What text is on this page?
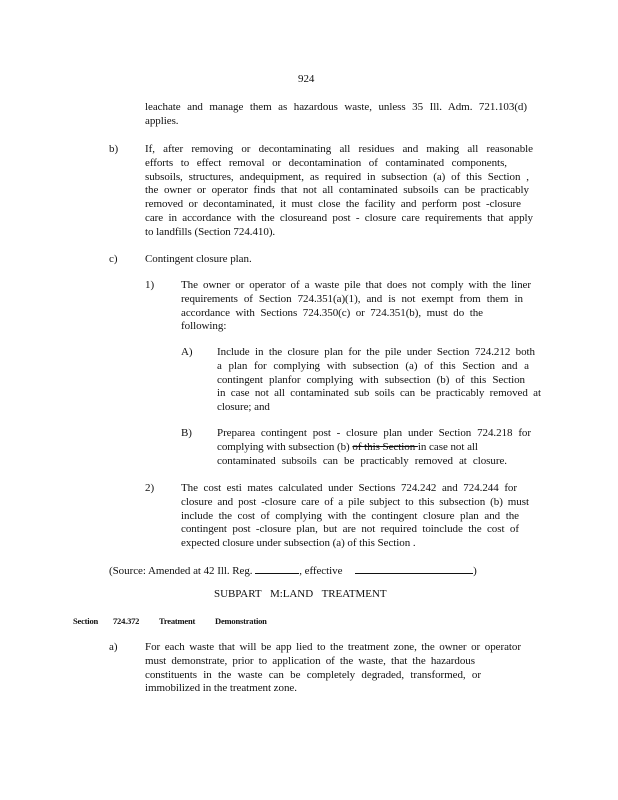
924
leachate and manage them as hazardous waste, unless 35 Ill. Adm. 721.103(d)
applies.
b) If, after removing or decontaminating all residues and making all reasonable
efforts to effect removal or decontamination of contaminated components,
subsoils, structures, andequipment, as required in subsection (a) of this Section ,
the owner or operator finds that not all contaminated subsoils can be practicably
removed or decontaminated, it must close the facility and perform post -closure
care in accordance with the closureand post - closure care requirements that apply
to landfills (Section 724.410).
c)	Contingent closure plan.
1) The owner or operator of a waste pile that does not comply with the liner
requirements of Section 724.351(a)(1), and is not exempt from them in
accordance with Sections 724.350(c) or 724.351(b), must do the
following:
A) Include in the closure plan for the pile under Section 724.212 both
a plan for complying with subsection (a) of this Section and a
contingent planfor complying with subsection (b) of this Section
in case not all contaminated sub soils can be practicably removed at
closure; and
B) Preparea contingent post - closure plan under Section 724.218 for
complying with subsection (b) of this Section in case not all
contaminated subsoils can be practicably removed at closure.
2) The cost esti mates calculated under Sections 724.242 and 724.244 for
closure and post -closure care of a pile subject to this subsection (b) must
include the cost of complying with the contingent closure plan and the
contingent post -closure plan, but are not required toinclude the cost of
expected closure under subsection (a) of this Section .
(Source: Amended at 42 Ill. Reg.	, effective	)
SUBPART M:LAND TREATMENT
Section 724.372 Treatment Demonstration
a)	For each waste that will be app lied to the treatment zone, the owner or operator
must demonstrate, prior to application of the waste, that the hazardous
constituents in the waste can be completely degraded, transformed, or
immobilized in the treatment zone.
